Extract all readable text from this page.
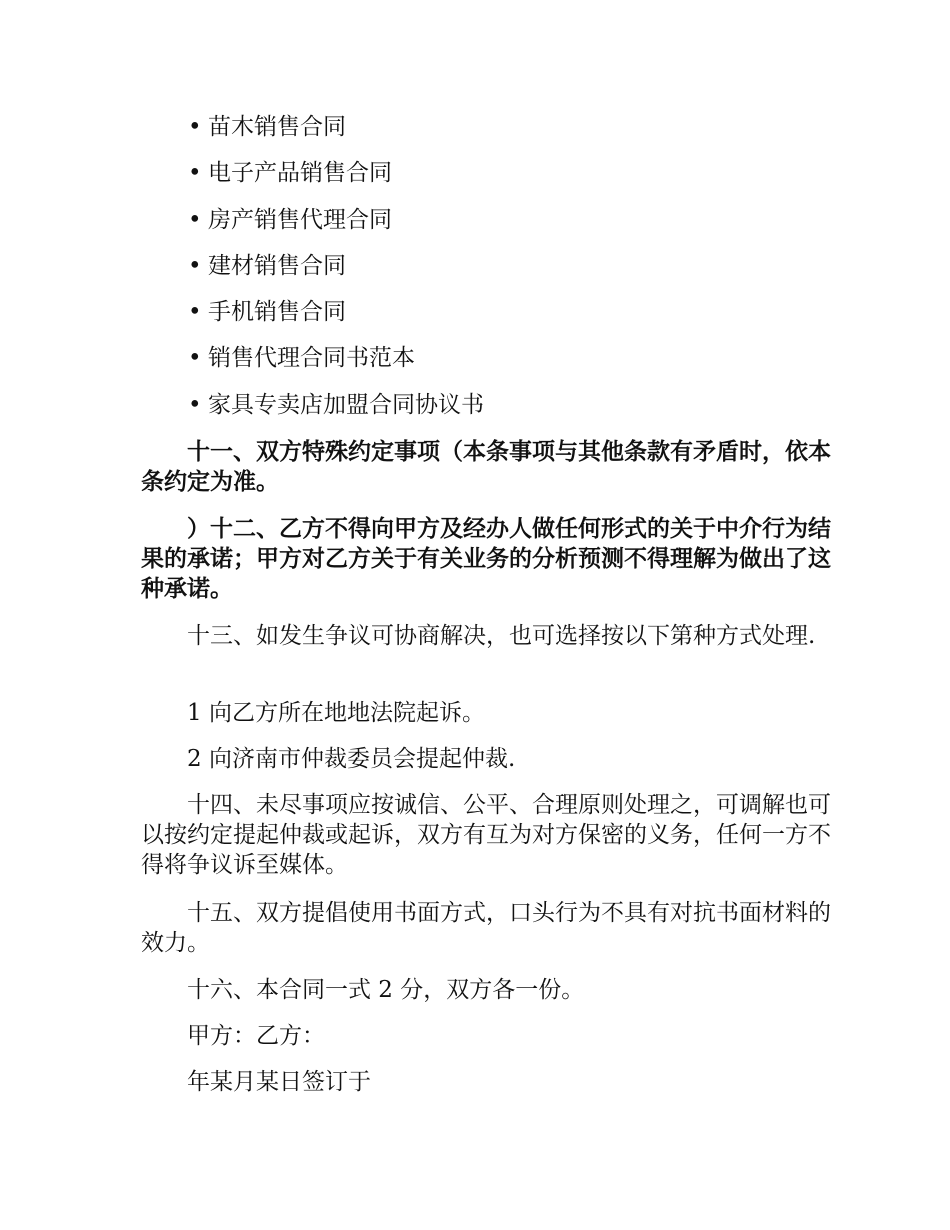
• 苗木销售合同
• 电子产品销售合同
• 房产销售代理合同
• 建材销售合同
• 手机销售合同
• 销售代理合同书范本
• 家具专卖店加盟合同协议书

十一、双方特殊约定事项（本条事项与其他条款有矛盾时，依本条约定为准。

）十二、乙方不得向甲方及经办人做任何形式的关于中介行为结果的承诺；甲方对乙方关于有关业务的分析预测不得理解为做出了这种承诺。

十三、如发生争议可协商解决，也可选择按以下第种方式处理.

1 向乙方所在地地法院起诉。

2 向济南市仲裁委员会提起仲裁.

十四、未尽事项应按诚信、公平、合理原则处理之，可调解也可以按约定提起仲裁或起诉，双方有互为对方保密的义务，任何一方不得将争议诉至媒体。

十五、双方提倡使用书面方式，口头行为不具有对抗书面材料的效力。

十六、本合同一式 2 分，双方各一份。

甲方：乙方：

年某月某日签订于
